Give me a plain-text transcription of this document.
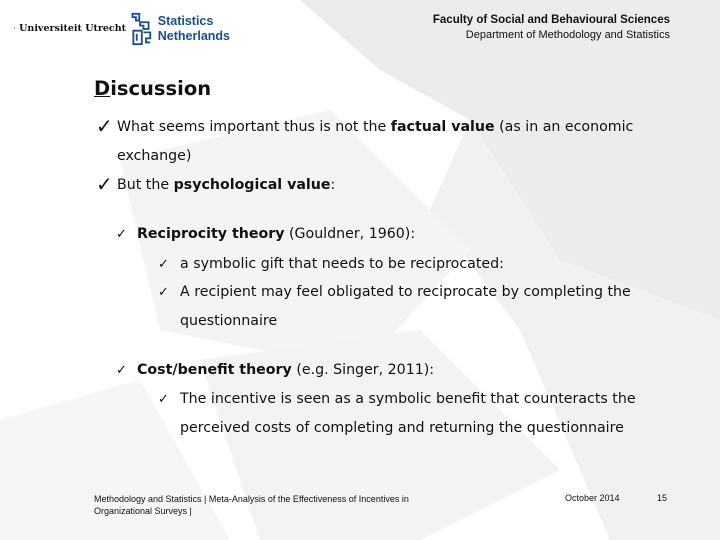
Universiteit Utrecht	Statistics
Netherlands
Faculty of Social and Behavioural Sciences
Department of Methodology and Statistics
Discussion
✓ What seems important thus is not the factual value (as in an economic exchange)
✓ But the psychological value:
✓ Reciprocity theory (Gouldner, 1960):
✓ a symbolic gift that needs to be reciprocated:
✓ A recipient may feel obligated to reciprocate by completing the questionnaire
✓ Cost/benefit theory (e.g. Singer, 2011):
✓ The incentive is seen as a symbolic benefit that counteracts the perceived costs of completing and returning the questionnaire
Methodology and Statistics | Meta-Analysis of the Effectiveness of Incentives in Organizational Surveys |
October 2014	15
